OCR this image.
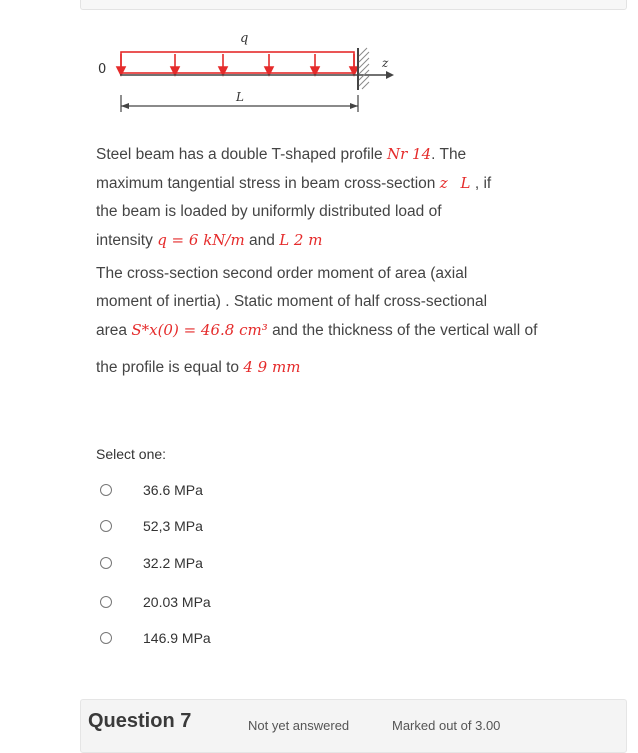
q
0	z
L
Steel beam has a double T-shaped profile Nr 14. The
maximum tangential stress in beam cross-section z L , if
the beam is loaded by uniformly distributed load of
intensity q = 6 kN/m and L 2 m
The cross-section second order moment of area (axial
moment of inertia) . Static moment of half cross-sectional
area S*x(0) = 46.8 cm³ and the thickness of the vertical wall of
the profile is equal to 4 9 mm
Select one:
36.6 MPa
52,3 MPa
32.2 MPa
20.03 MPa
146.9 MPa
Question 7	Not yet answered	Marked out of 3.00
